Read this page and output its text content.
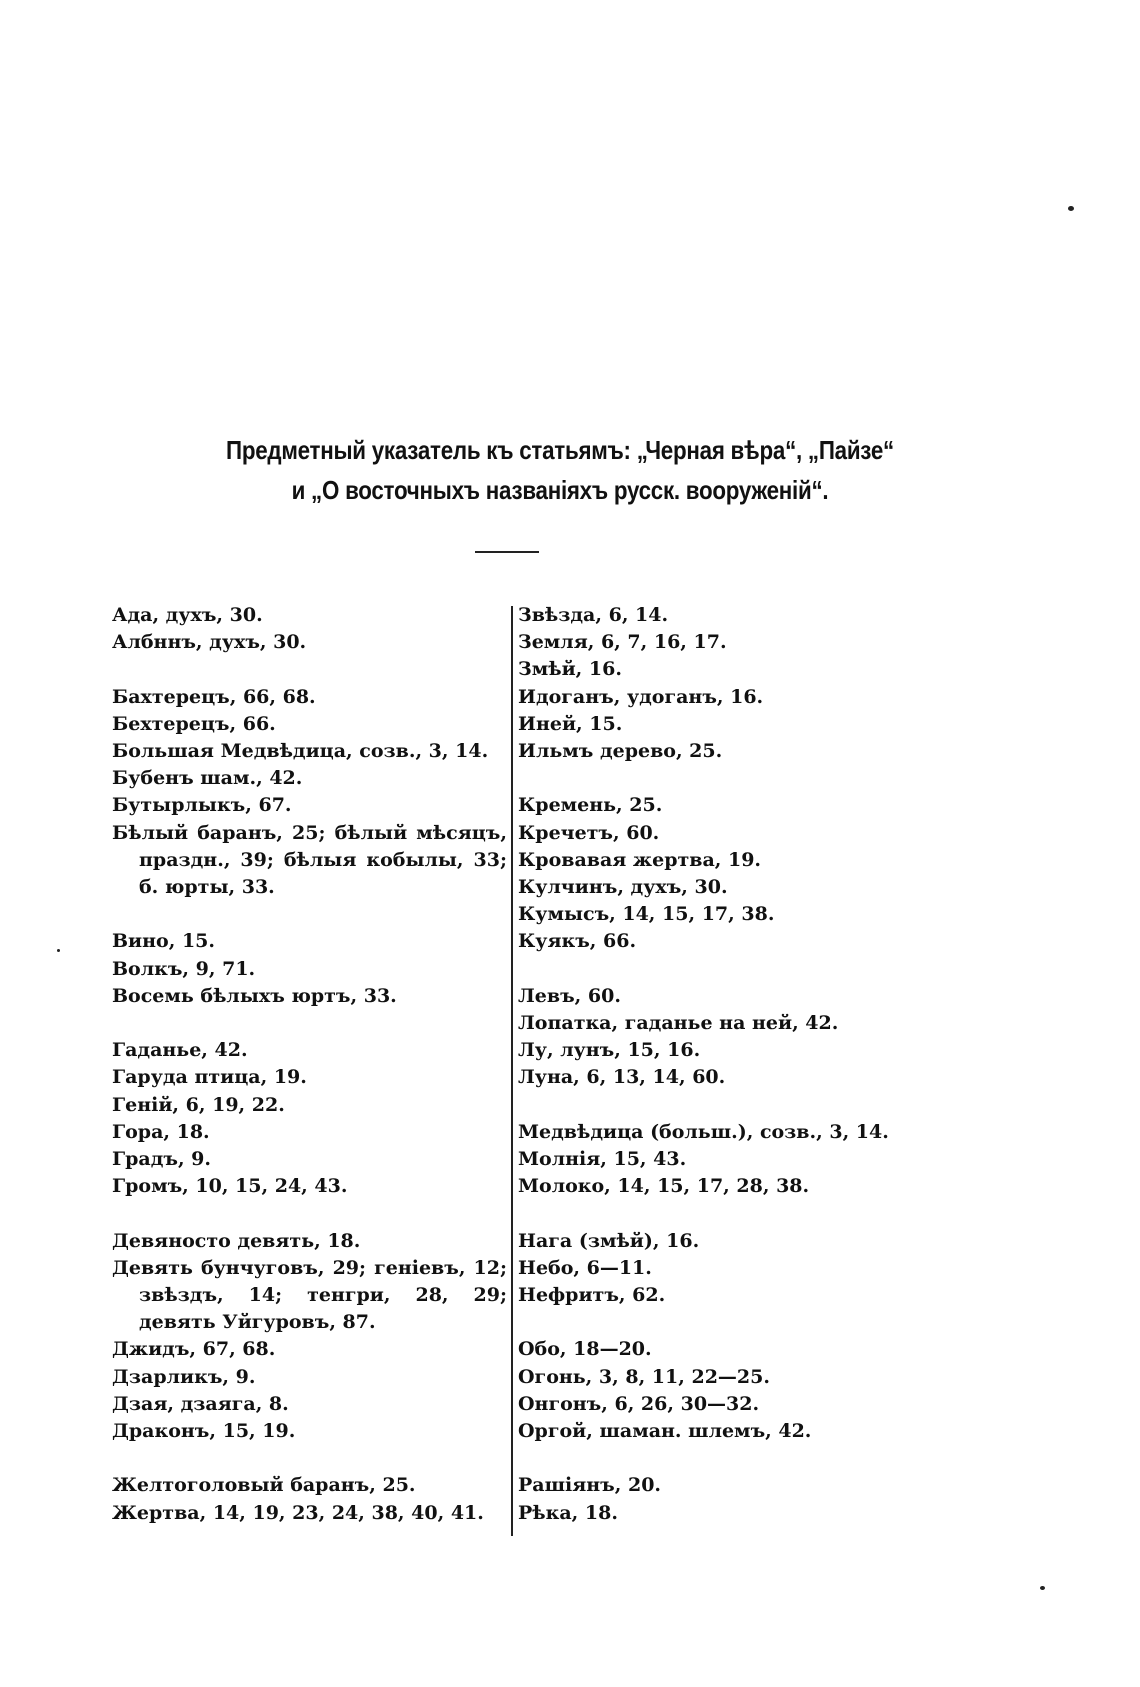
Предметный указатель къ статьямъ: „Черная вѣра“, „Пайзе“
и „О восточныхъ названіяхъ русск. вооруженій“.
Ада, духъ, 30.
Албннъ, духъ, 30.
Бахтерецъ, 66, 68.
Бехтерецъ, 66.
Большая Медвѣдица, созв., 3, 14.
Бубенъ шам., 42.
Бутырлыкъ, 67.
Бѣлый баранъ, 25; бѣлый мѣсяцъ, праздн., 39; бѣлыя кобылы, 33; б. юрты, 33.
Вино, 15.
Волкъ, 9, 71.
Восемь бѣлыхъ юртъ, 33.
Гаданье, 42.
Гаруда птица, 19.
Геній, 6, 19, 22.
Гора, 18.
Градъ, 9.
Громъ, 10, 15, 24, 43.
Девяносто девять, 18.
Девять бунчуговъ, 29; геніевъ, 12; звѣздъ, 14; тенгри, 28, 29; девять Уйгуровъ, 87.
Джидъ, 67, 68.
Дзарликъ, 9.
Дзая, дзаяга, 8.
Драконъ, 15, 19.
Желтоголовый баранъ, 25.
Жертва, 14, 19, 23, 24, 38, 40, 41.
Звѣзда, 6, 14.
Земля, 6, 7, 16, 17.
Змѣй, 16.
Идоганъ, удоганъ, 16.
Иней, 15.
Ильмъ дерево, 25.
Кремень, 25.
Кречетъ, 60.
Кровавая жертва, 19.
Кулчинъ, духъ, 30.
Кумысъ, 14, 15, 17, 38.
Куякъ, 66.
Левъ, 60.
Лопатка, гаданье на ней, 42.
Лу, лунъ, 15, 16.
Луна, 6, 13, 14, 60.
Медвѣдица (больш.), созв., 3, 14.
Молнія, 15, 43.
Молоко, 14, 15, 17, 28, 38.
Нага (змѣй), 16.
Небо, 6—11.
Нефритъ, 62.
Обо, 18—20.
Огонь, 3, 8, 11, 22—25.
Онгонъ, 6, 26, 30—32.
Оргой, шаман. шлемъ, 42.
Рашіянъ, 20.
Рѣка, 18.
